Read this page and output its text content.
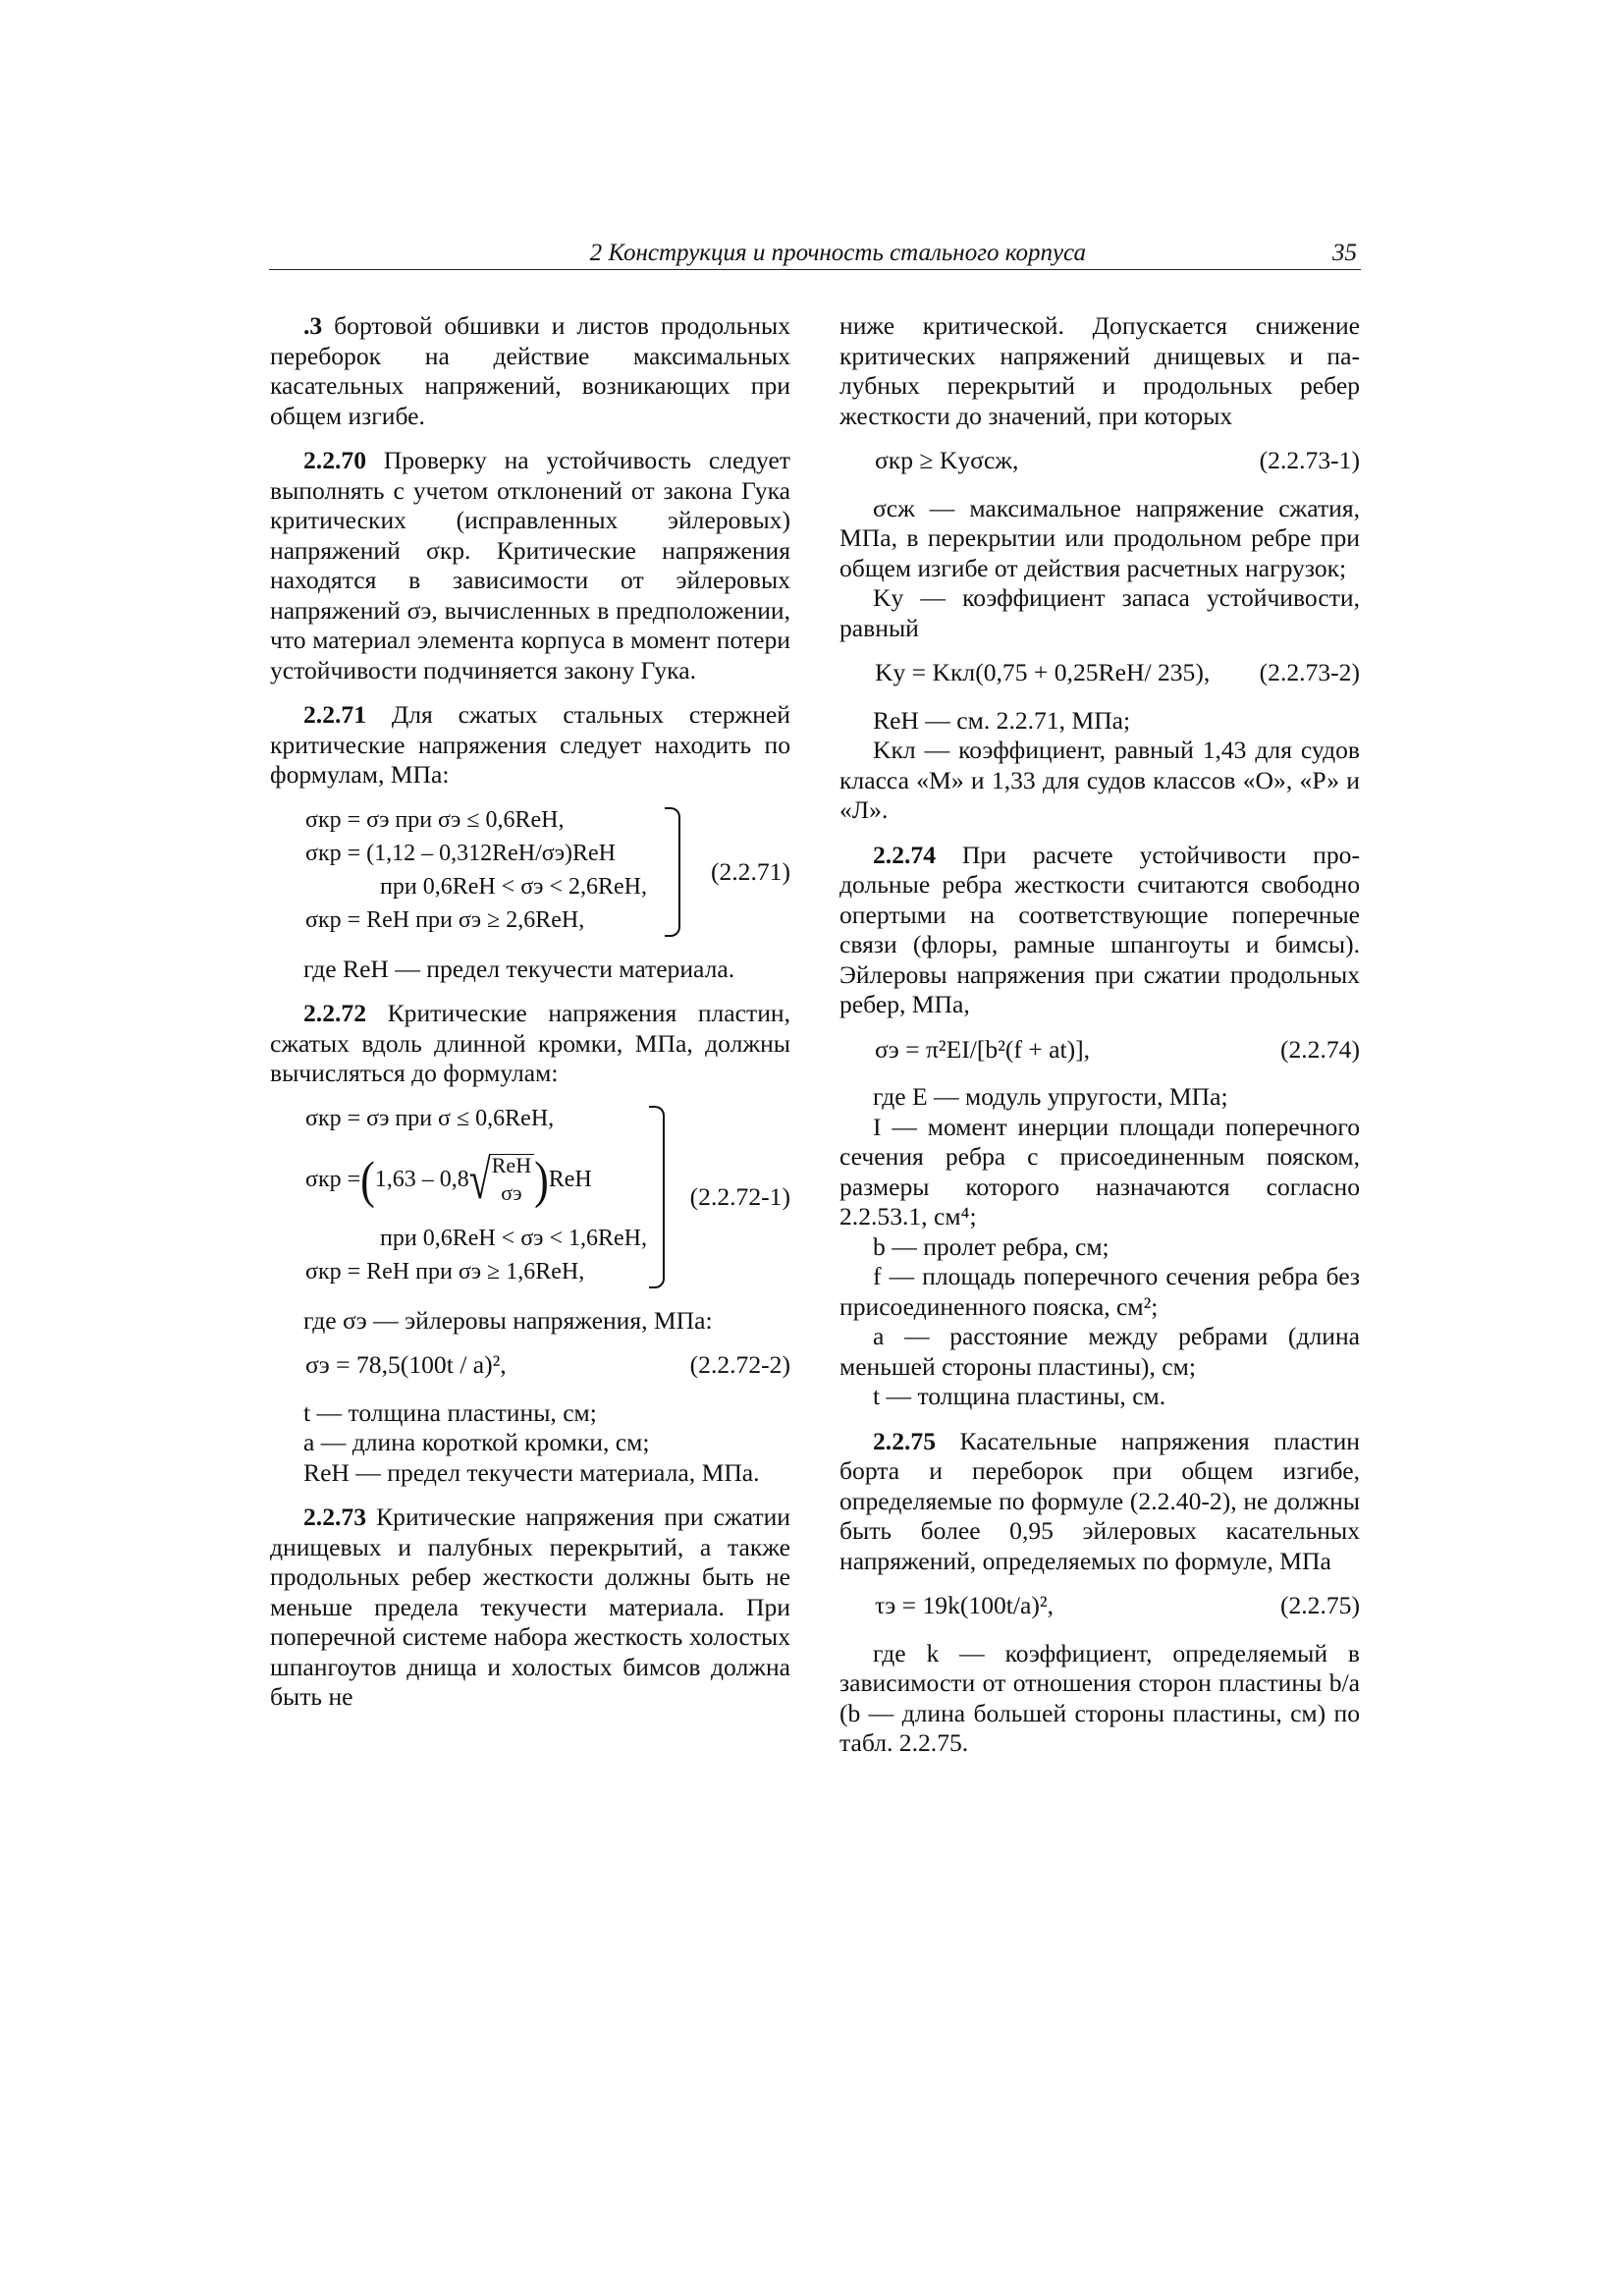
2 Конструкция и прочность стального корпуса	35

.3 бортовой обшивки и листов продольных переборок на действие максимальных касательных напряжений, возникающих при общем изгибе.

2.2.70 Проверку на устойчивость следует выполнять с учетом отклонений от закона Гука критических (исправленных эйлеровых) напряжений σкр. Критические напряжения находятся в зависимости от эйлеровых напряжений σэ, вычисленных в предположении, что материал элемента корпуса в момент потери устойчивости подчиняется закону Гука.

2.2.71 Для сжатых стальных стержней критические напряжения следует находить по формулам, МПа:

σкр = σэ при σэ ≤ 0,6ReH,
σкр = (1,12 – 0,312ReH/σэ)ReH
при 0,6ReH < σэ < 2,6ReH,
σкр = ReH при σэ ≥ 2,6ReH,
(2.2.71)

где ReH — предел текучести материала.

2.2.72 Критические напряжения пластин, сжатых вдоль длинной кромки, МПа, должны вычисляться до формулам:

σкр = σэ при σ ≤ 0,6ReH,
σкр = ( 1,63 – 0,8 √ ReH
σэ ) ReH
при 0,6ReH < σэ < 1,6ReH,
σкр = ReH при σэ ≥ 1,6ReH,
(2.2.72-1)

где σэ — эйлеровы напряжения, МПа:

σэ = 78,5(100t / a)²,	(2.2.72-2)

t — толщина пластины, см;

a — длина короткой кромки, см;

ReH — предел текучести материала, МПа.

2.2.73 Критические напряжения при сжатии днищевых и палубных перекрытий, а также продольных ребер жесткости должны быть не меньше предела текучести материала. При поперечной системе набора жесткость холостых шпангоутов днища и холостых бимсов должна быть не

ниже критической. Допускается снижение критических напряжений днищевых и палубных перекрытий и продольных ребер жесткости до значений, при которых

σкр ≥ Kуσсж,	(2.2.73-1)

σсж — максимальное напряжение сжатия, МПа, в перекрытии или продольном ребре при общем изгибе от действия расчетных нагрузок;

Kу — коэффициент запаса устойчивости, равный

Kу = Kкл(0,75 + 0,25ReH/ 235), (2.2.73-2)

ReH — см. 2.2.71, МПа;

Kкл — коэффициент, равный 1,43 для судов класса «М» и 1,33 для судов классов «О», «Р» и «Л».

2.2.74 При расчете устойчивости продольные ребра жесткости считаются свободно опертыми на соответствующие поперечные связи (флоры, рамные шпангоуты и бимсы). Эйлеровы напряжения при сжатии продольных ребер, МПа,

σэ = π²EI/[b²(f + at)],	(2.2.74)

где E — модуль упругости, МПа;

I — момент инерции площади поперечного сечения ребра с присоединенным пояском, размеры которого назначаются согласно 2.2.53.1, см⁴;

b — пролет ребра, см;

f — площадь поперечного сечения ребра без присоединенного пояска, см²;

a — расстояние между ребрами (длина меньшей стороны пластины), см;

t — толщина пластины, см.

2.2.75 Касательные напряжения пластин борта и переборок при общем изгибе, определяемые по формуле (2.2.40-2), не должны быть более 0,95 эйлеровых касательных напряжений, определяемых по формуле, МПа

τэ = 19k(100t/a)²,	(2.2.75)

где k — коэффициент, определяемый в зависимости от отношения сторон пластины b/a (b — длина большей стороны пластины, см) по табл. 2.2.75.
